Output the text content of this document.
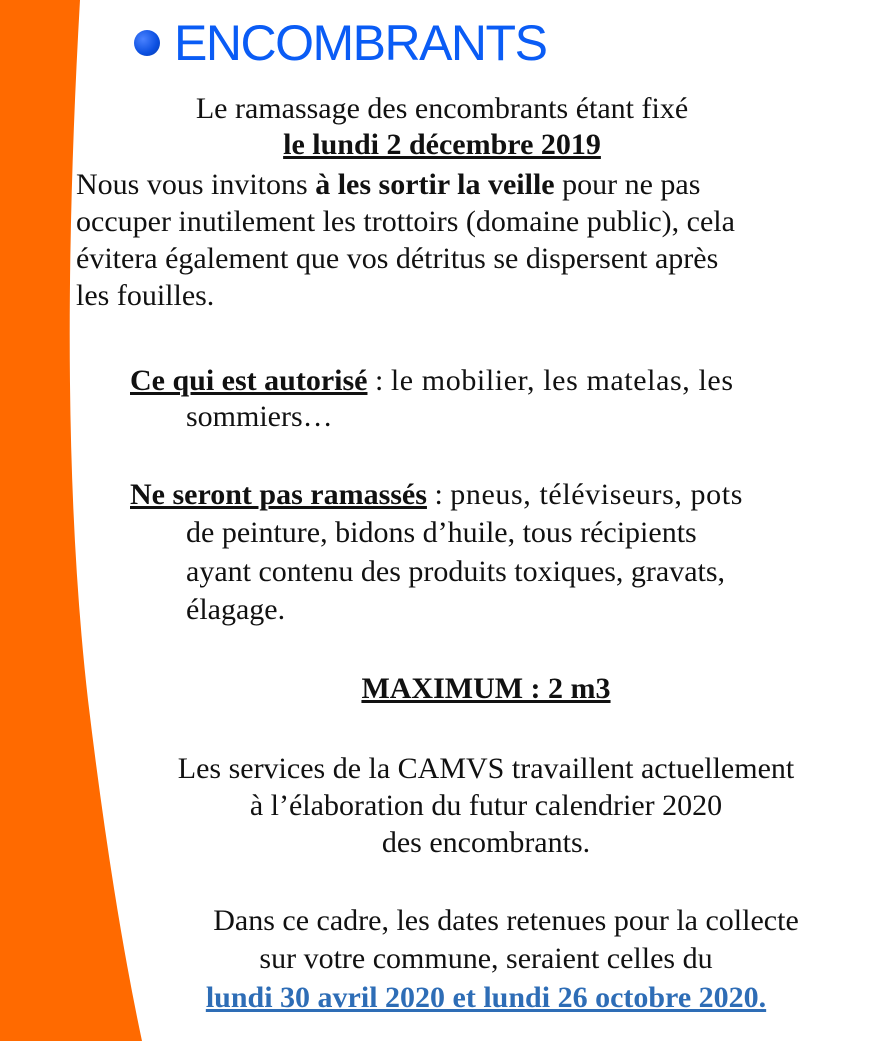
ENCOMBRANTS
Le ramassage des encombrants étant fixé
le lundi 2 décembre 2019
Nous vous invitons à les sortir la veille pour ne pas
occuper inutilement les trottoirs (domaine public), cela
évitera également que vos détritus se dispersent après
les fouilles.
Ce qui est autorisé : le mobilier, les matelas, les
sommiers…
Ne seront pas ramassés : pneus, téléviseurs, pots
de peinture, bidons d’huile, tous récipients
ayant contenu des produits toxiques, gravats,
élagage.
MAXIMUM : 2 m3
Les services de la CAMVS travaillent actuellement
à l’élaboration du futur calendrier 2020
des encombrants.
Dans ce cadre, les dates retenues pour la collecte
sur votre commune, seraient celles du
lundi 30 avril 2020 et lundi 26 octobre 2020.
